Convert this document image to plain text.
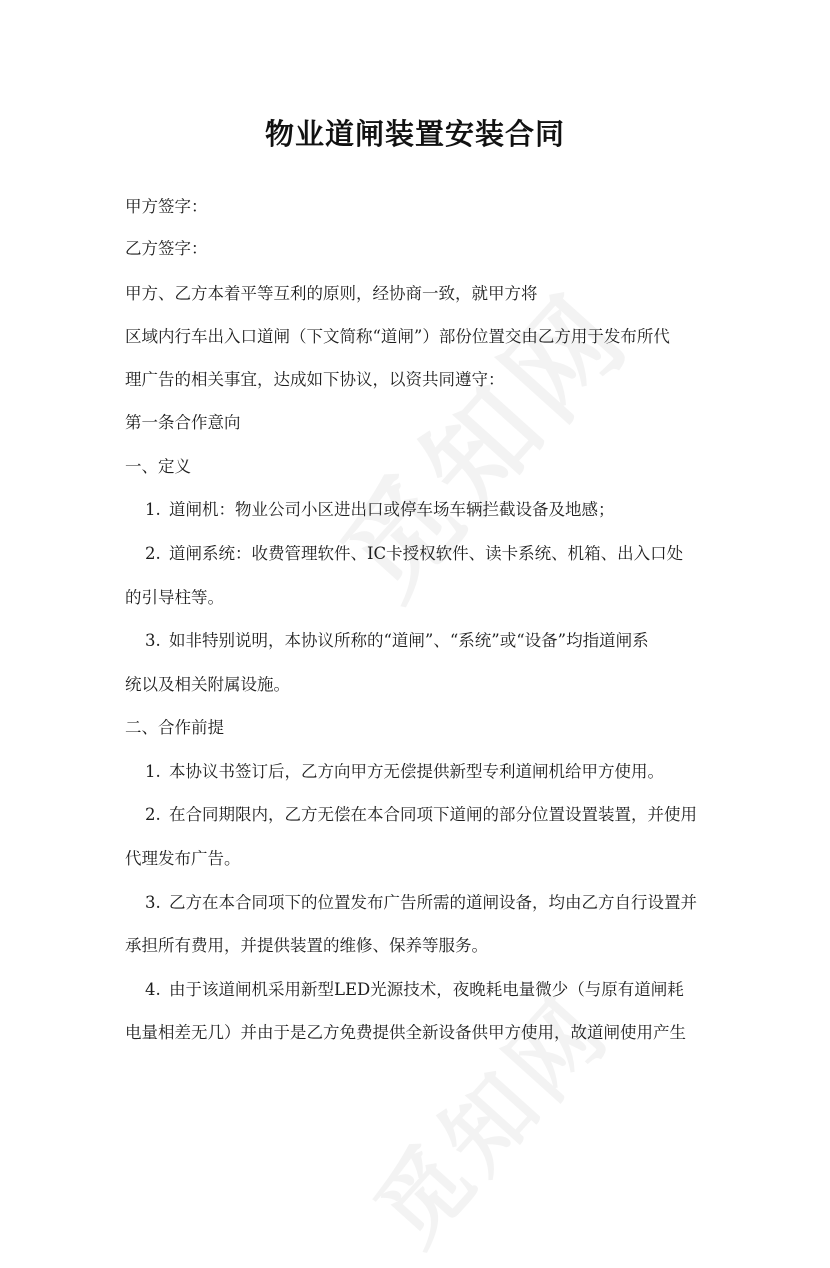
物业道闸装置安装合同
甲方签字：
乙方签字：
甲方、乙方本着平等互利的原则，经协商一致，就甲方将
区域内行车出入口道闸（下文简称“道闸”）部份位置交由乙方用于发布所代
理广告的相关事宜，达成如下协议，以资共同遵守：
第一条合作意向
一、定义
1. 道闸机：物业公司小区进出口或停车场车辆拦截设备及地感；
2. 道闸系统：收费管理软件、IC卡授权软件、读卡系统、机箱、出入口处
的引导柱等。
3. 如非特别说明，本协议所称的“道闸”、“系统”或“设备”均指道闸系
统以及相关附属设施。
二、合作前提
1. 本协议书签订后，乙方向甲方无偿提供新型专利道闸机给甲方使用。
2. 在合同期限内，乙方无偿在本合同项下道闸的部分位置设置装置，并使用
代理发布广告。
3. 乙方在本合同项下的位置发布广告所需的道闸设备，均由乙方自行设置并
承担所有费用，并提供装置的维修、保养等服务。
4. 由于该道闸机采用新型LED光源技术，夜晚耗电量微少（与原有道闸耗
电量相差无几）并由于是乙方免费提供全新设备供甲方使用，故道闸使用产生
